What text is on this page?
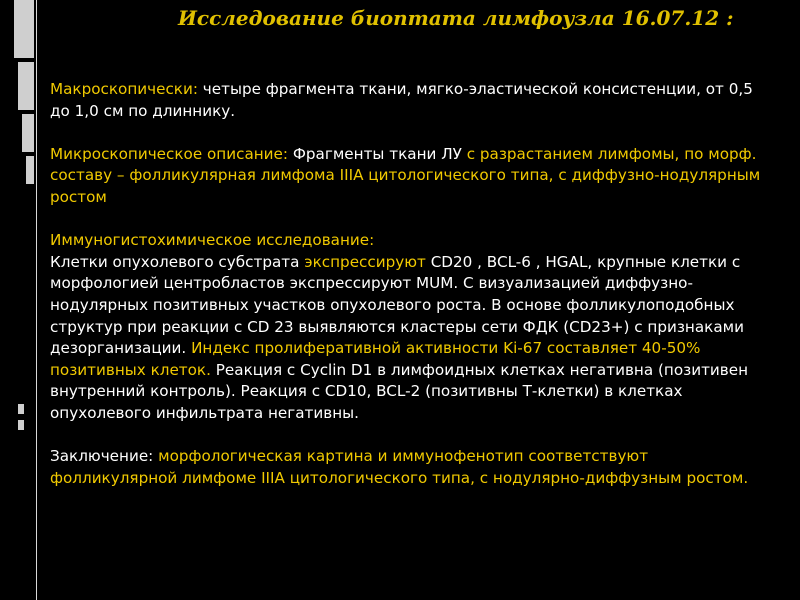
Исследование биоптата лимфоузла 16.07.12 :

Макроскопически: четыре фрагмента ткани, мягко-эластической консистенции, от 0,5 до 1,0 см по длиннику.

Микроскопическое описание: Фрагменты ткани ЛУ с разрастанием лимфомы, по морф. составу – фолликулярная лимфома IIIA цитологического типа, с диффузно-нодулярным ростом

Иммуногистохимическое исследование:

Клетки опухолевого субстрата экспрессируют CD20 , BCL-6 , HGAL, крупные клетки с морфологией центробластов экспрессируют MUM. С визуализацией диффузно-нодулярных позитивных участков опухолевого роста. В основе фолликулоподобных структур при реакции с CD 23 выявляются кластеры сети ФДК (CD23+) с признаками дезорганизации. Индекс пролиферативной активности Ki-67 составляет 40-50% позитивных клеток. Реакция с Cyclin D1 в лимфоидных клетках негативна (позитивен внутренний контроль). Реакция с CD10, BCL-2 (позитивны Т-клетки) в клетках опухолевого инфильтрата негативны.

Заключение: морфологическая картина и иммунофенотип соответствуют фолликулярной лимфоме IIIA цитологического типа, с нодулярно-диффузным ростом.
